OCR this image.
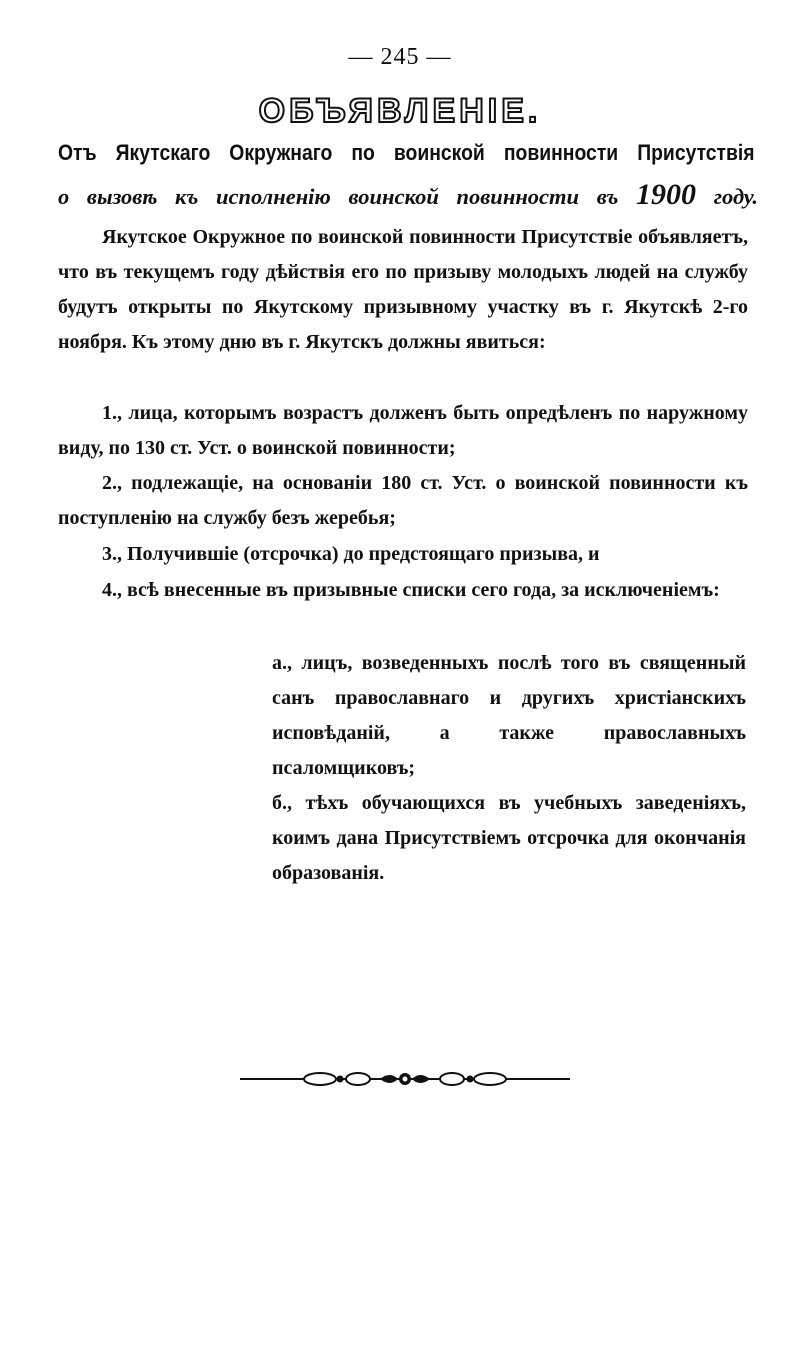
— 245 —
ОБЪЯВЛЕНІЕ.
Отъ Якутскаго Окружнаго по воинской повинности Присутствія
о вызовѣ къ исполненію воинской повинности въ 1900 году.

Якутское Окружное по воинской повинности Присутствіе объявляетъ, что въ текущемъ году дѣйствія его по призыву молодыхъ людей на службу будутъ открыты по Якутскому призывному участку въ г. Якутскѣ 2-го ноября. Къ этому дню въ г. Якутскъ должны явиться:

1., лица, которымъ возрастъ долженъ быть опредѣленъ по наружному виду, по 130 ст. Уст. о воинской повинности;

2., подлежащіе, на основаніи 180 ст. Уст. о воинской повинности къ поступленію на службу безъ жеребья;

3., Получившіе (отсрочка) до предстоящаго призыва, и

4., всѣ внесенные въ призывные списки сего года, за исключеніемъ:

а., лицъ, возведенныхъ послѣ того въ священный санъ православнаго и другихъ христіанскихъ исповѣданій, а также православныхъ псаломщиковъ;

б., тѣхъ обучающихся въ учебныхъ заведеніяхъ, коимъ дана Присутствіемъ отсрочка для окончанія образованія.
